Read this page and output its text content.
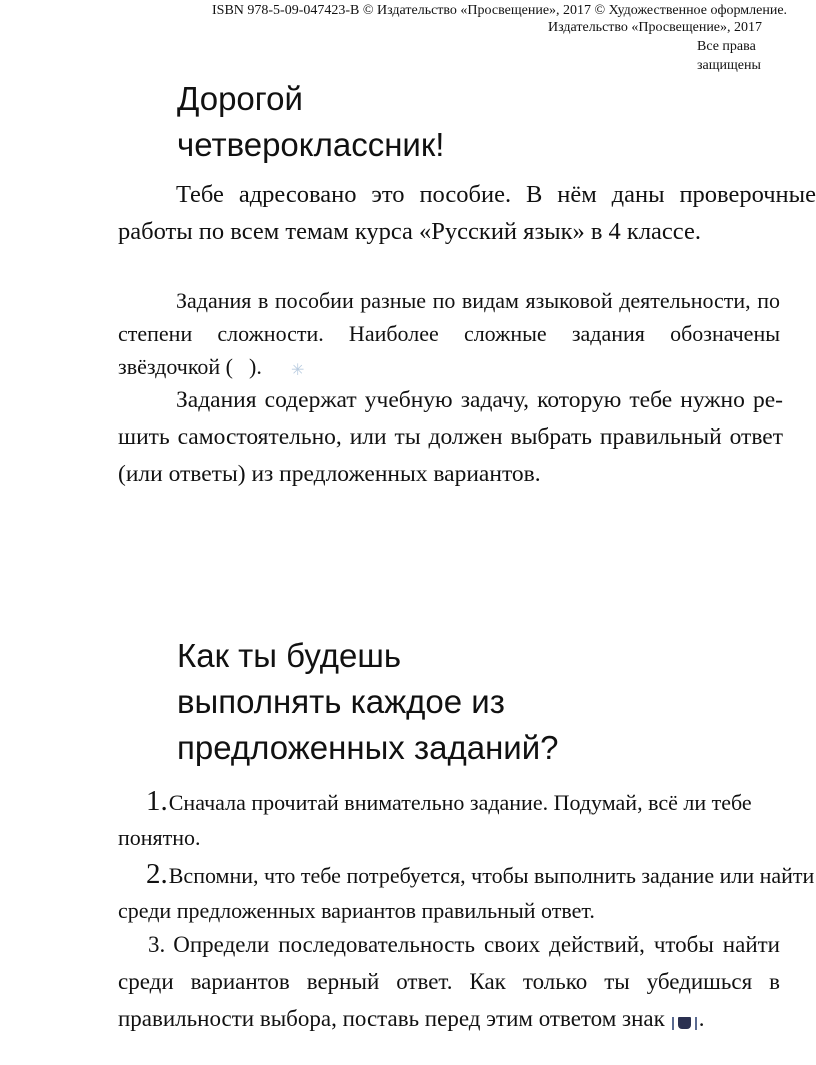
ISBN 978-5-09-047423-В © Издательство «Просвещение», 2017 © Художественное оформление.
Издательство «Просвещение», 2017
Все права
защищены
Дорогой
четвероклассник!
Тебе адресовано это пособие. В нём даны проверочные работы по всем темам курса «Русский язык» в 4 классе.
Задания в пособии разные по видам языковой деятельности, по степени сложности. Наиболее сложные задания обозначены звёздочкой (	✳).
Задания содержат учебную задачу, которую тебе нужно ре- шить самостоятельно, или ты должен выбрать правильный ответ (или ответы) из предложенных вариантов.
Как ты будешь
выполнять каждое из
предложенных заданий?
1.Сначала прочитай внимательно задание. Подумай, всё ли тебе понятно.
2.Вспомни, что тебе потребуется, чтобы выполнить задание или найти среди предложенных вариантов правильный ответ.
3. Определи последовательность своих действий, чтобы найти среди вариантов верный ответ. Как только ты убедишься в правильности выбора, поставь перед этим ответом знак .
